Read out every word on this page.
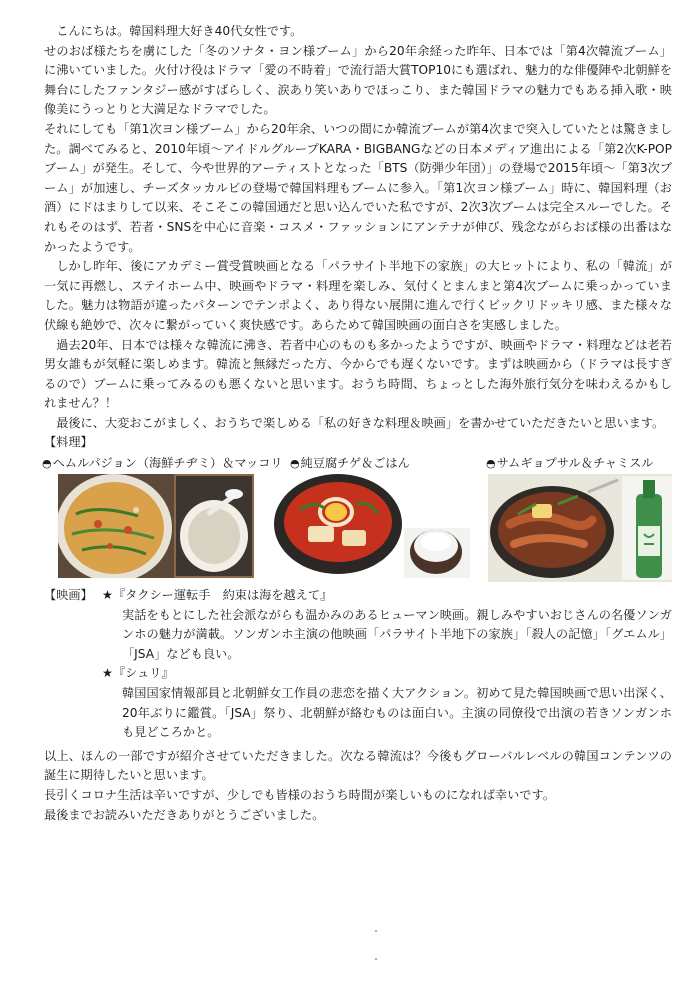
こんにちは。韓国料理大好き40代女性です。

せのおば様たちを虜にした「冬のソナタ・ヨン様ブーム」から20年余経った昨年、日本では「第4次韓流ブーム」に沸いていました。火付け役はドラマ「愛の不時着」で流行語大賞TOP10にも選ばれ、魅力的な俳優陣や北朝鮮を舞台にしたファンタジー感がすばらしく、涙あり笑いありでほっこり、また韓国ドラマの魅力でもある挿入歌・映像美にうっとりと大満足なドラマでした。

それにしても「第1次ヨン様ブーム」から20年余、いつの間にか韓流ブームが第4次まで突入していたとは驚きました。調べてみると、2010年頃〜アイドルグループKARA・BIGBANGなどの日本メディア進出による「第2次K-POPブーム」が発生。そして、今や世界的アーティストとなった「BTS（防弾少年団）」の登場で2015年頃〜「第3次ブーム」が加速し、チーズタッカルビの登場で韓国料理もブームに参入。「第1次ヨン様ブーム」時に、韓国料理（お酒）にドはまりして以来、そこそこの韓国通だと思い込んでいた私ですが、2次3次ブームは完全スルーでした。それもそのはず、若者・SNSを中心に音楽・コスメ・ファッションにアンテナが伸び、残念ながらおば様の出番はなかったようです。

しかし昨年、後にアカデミー賞受賞映画となる「パラサイト半地下の家族」の大ヒットにより、私の「韓流」が一気に再燃し、ステイホーム中、映画やドラマ・料理を楽しみ、気付くとまんまと第4次ブームに乗っかっていました。魅力は物語が違ったパターンでテンポよく、あり得ない展開に進んで行くビックリドッキリ感、また様々な伏線も絶妙で、次々に繋がっていく爽快感です。あらためて韓国映画の面白さを実感しました。

過去20年、日本では様々な韓流に沸き、若者中心のものも多かったようですが、映画やドラマ・料理などは老若男女誰もが気軽に楽しめます。韓流と無縁だった方、今からでも遅くないです。まずは映画から（ドラマは長すぎるので）ブームに乗ってみるのも悪くないと思います。おうち時間、ちょっとした海外旅行気分を味わえるかもしれません？！

最後に、大変おこがましく、おうちで楽しめる「私の好きな料理＆映画」を書かせていただきたいと思います。

【料理】

◓ヘムルパジョン（海鮮チヂミ）＆マッコリ ◓純豆腐チゲ＆ごはん	◓サムギョプサル＆チャミスル
【映画】 ★『タクシー運転手　約束は海を越えて』

実話をもとにした社会派ながらも温かみのあるヒューマン映画。親しみやすいおじさんの名優ソンガンホの魅力が満載。ソンガンホ主演の他映画「パラサイト半地下の家族」「殺人の記憶」「グエムル」「JSA」なども良い。

★『シュリ』

韓国国家情報部員と北朝鮮女工作員の悲恋を描く大アクション。初めて見た韓国映画で思い出深く、20年ぶりに鑑賞。「JSA」祭り、北朝鮮が絡むものは面白い。主演の同僚役で出演の若きソンガンホも見どころかと。

以上、ほんの一部ですが紹介させていただきました。次なる韓流は？今後もグローバルレベルの韓国コンテンツの誕生に期待したいと思います。

長引くコロナ生活は辛いですが、少しでも皆様のおうち時間が楽しいものになれば幸いです。

最後までお読みいただきありがとうございました。
